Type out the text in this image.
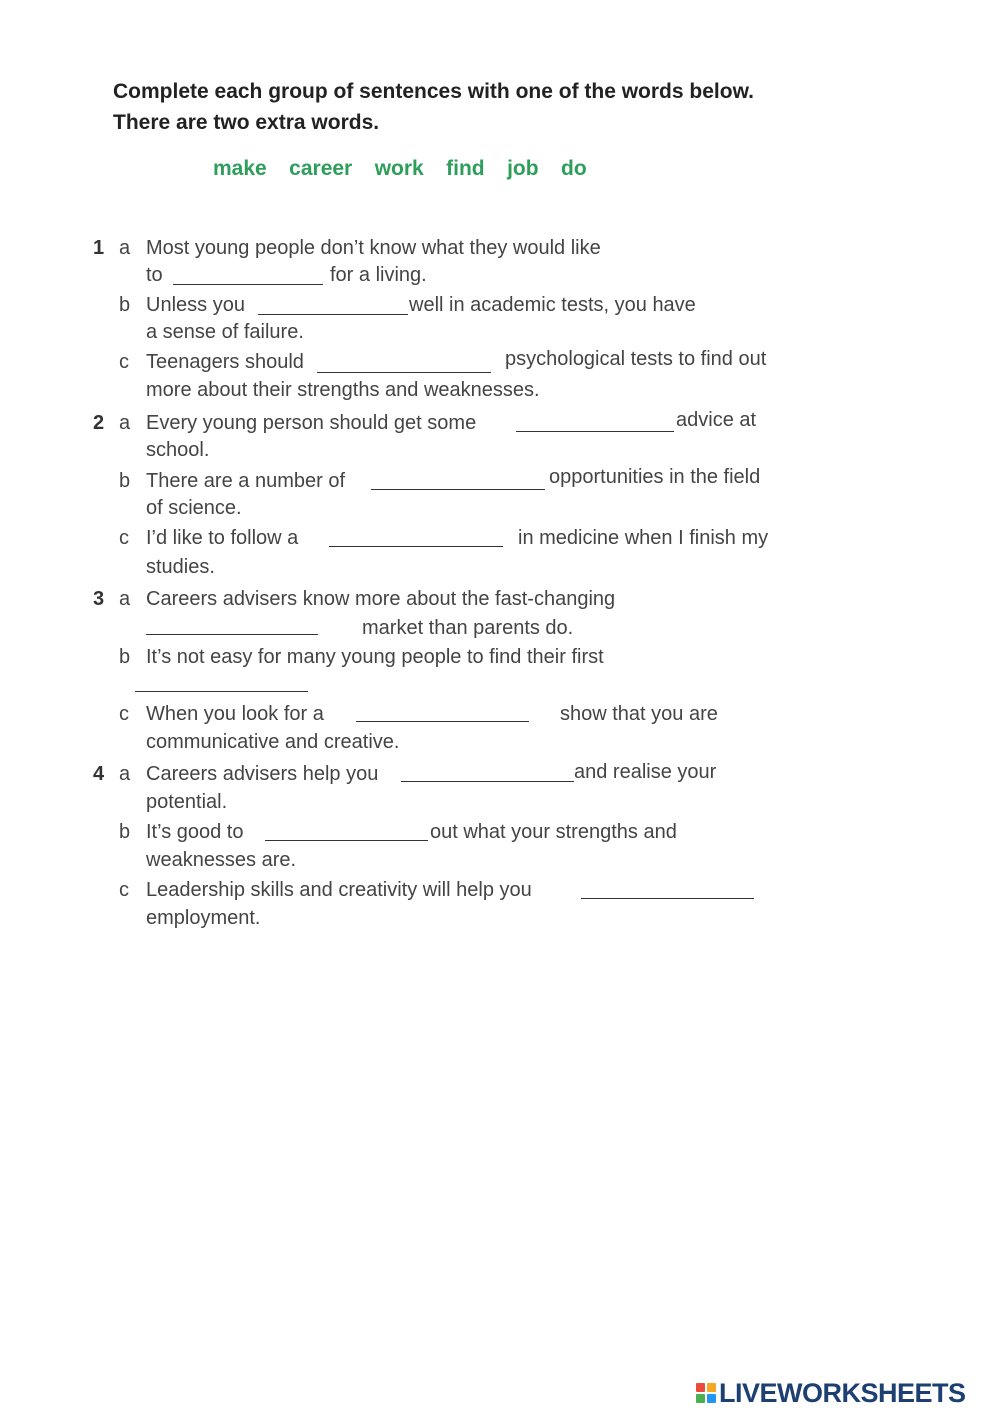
Complete each group of sentences with one of the words below.
There are two extra words.
make career work find job do
1 a Most young people don’t know what they would like
to	for a living.
b Unless you	well in academic tests, you have
a sense of failure.
c Teenagers should	psychological tests to find out
more about their strengths and weaknesses.
2 a Every young person should get some	advice at
school.
b There are a number of	opportunities in the field
of science.
c I’d like to follow a	in medicine when I finish my
studies.
3 a Careers advisers know more about the fast-changing
market than parents do.
b It’s not easy for many young people to find their first
c When you look for a	show that you are
communicative and creative.
4 a Careers advisers help you	and realise your
potential.
b It’s good to	out what your strengths and
weaknesses are.
c Leadership skills and creativity will help you
employment.
LIVEWORKSHEETS
